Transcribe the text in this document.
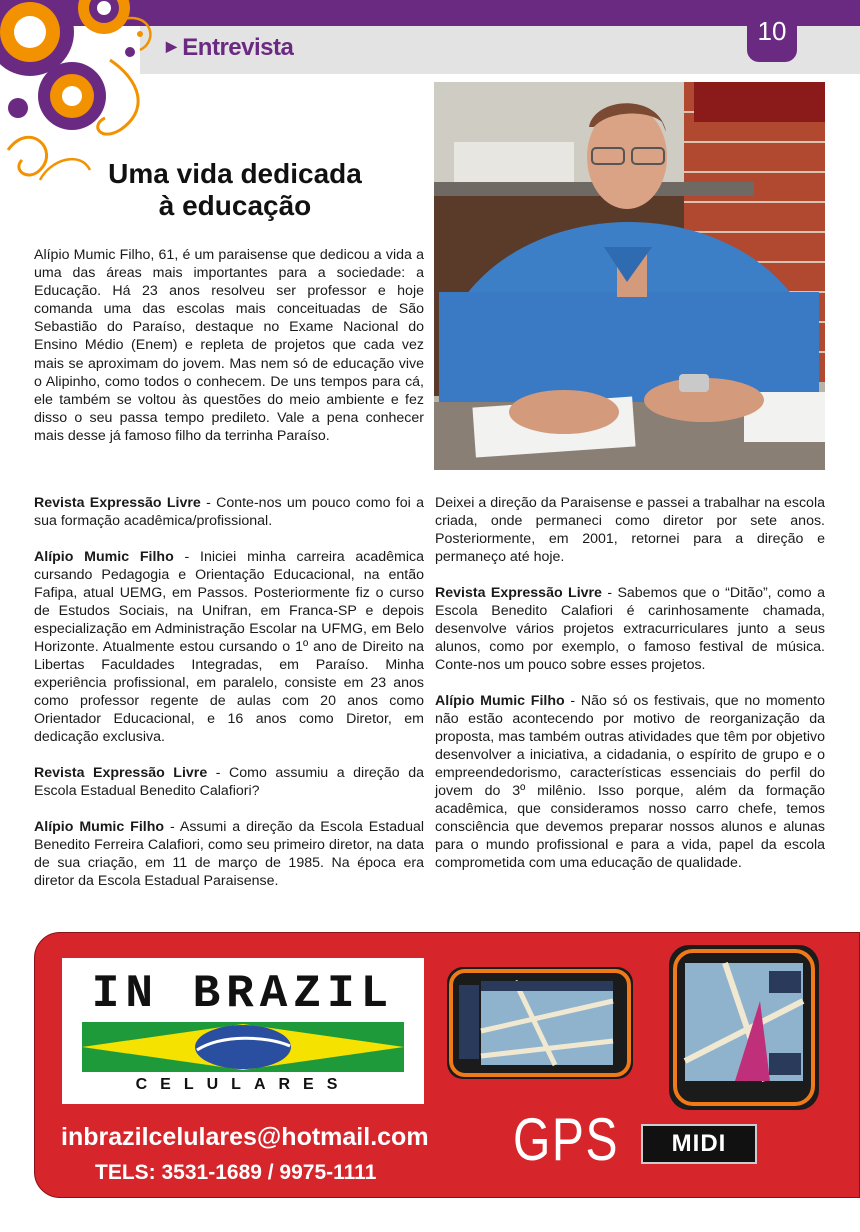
▶ Entrevista
10
Uma vida dedicada
à educação
Alípio Mumic Filho, 61, é um paraisense que dedicou a vida a uma das áreas mais importantes para a sociedade: a Educação. Há 23 anos resolveu ser professor e hoje comanda uma das escolas mais conceituadas de São Sebastião do Paraíso, destaque no Exame Nacional do Ensino Médio (Enem) e repleta de projetos que cada vez mais se aproximam do jovem. Mas nem só de educação vive o Alipinho, como todos o conhecem. De uns tempos para cá, ele também se voltou às questões do meio ambiente e fez disso o seu passa tempo predileto. Vale a pena conhecer mais desse já famoso filho da terrinha Paraíso.

Revista Expressão Livre - Conte-nos um pouco como foi a sua formação acadêmica/profissional.

Alípio Mumic Filho - Iniciei minha carreira acadêmica cursando Pedagogia e Orientação Educacional, na então Fafipa, atual UEMG, em Passos. Posteriormente fiz o curso de Estudos Sociais, na Unifran, em Franca-SP e depois especialização em Administração Escolar na UFMG, em Belo Horizonte. Atualmente estou cursando o 1º ano de Direito na Libertas Faculdades Integradas, em Paraíso. Minha experiência profissional, em paralelo, consiste em 23 anos como professor regente de aulas com 20 anos como Orientador Educacional, e 16 anos como Diretor, em dedicação exclusiva.

Revista Expressão Livre - Como assumiu a direção da Escola Estadual Benedito Calafiori?

Alípio Mumic Filho - Assumi a direção da Escola Estadual Benedito Ferreira Calafiori, como seu primeiro diretor, na data de sua criação, em 11 de março de 1985. Na época era diretor da Escola Estadual Paraisense.

Deixei a direção da Paraisense e passei a trabalhar na escola criada, onde permaneci como diretor por sete anos. Posteriormente, em 2001, retornei para a direção e permaneço até hoje.

Revista Expressão Livre - Sabemos que o “Ditão”, como a Escola Benedito Calafiori é carinhosamente chamada, desenvolve vários projetos extracurriculares junto a seus alunos, como por exemplo, o famoso festival de música. Conte-nos um pouco sobre esses projetos.

Alípio Mumic Filho - Não só os festivais, que no momento não estão acontecendo por motivo de reorganização da proposta, mas também outras atividades que têm por objetivo desenvolver a iniciativa, a cidadania, o espírito de grupo e o empreendedorismo, características essenciais do perfil do jovem do 3º milênio. Isso porque, além da formação acadêmica, que consideramos nosso carro chefe, temos consciência que devemos preparar nossos alunos e alunas para o mundo profissional e para a vida, papel da escola comprometida com uma educação de qualidade.

IN BRAZIL
CELULARES
inbrazilcelulares@hotmail.com
TELS: 3531-1689 / 9975-1111 GPS	MIDI
